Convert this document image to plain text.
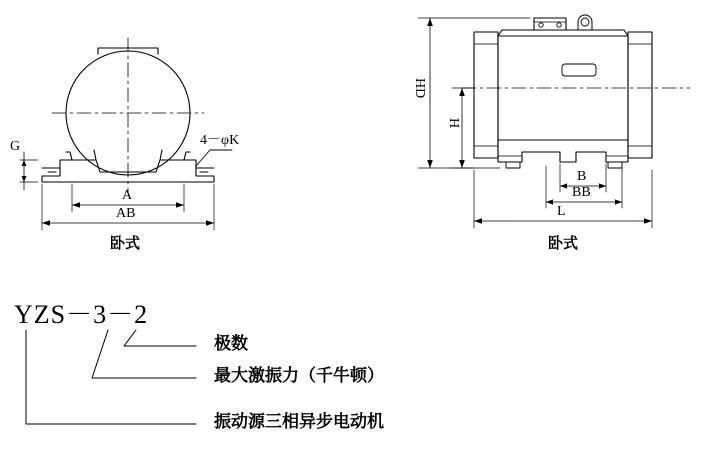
G
A
AB
4－φK
卧式
HD
H
B
BB
L
卧式
YZS－3－2
极数
最大激振力（千牛顿）
振动源三相异步电动机
